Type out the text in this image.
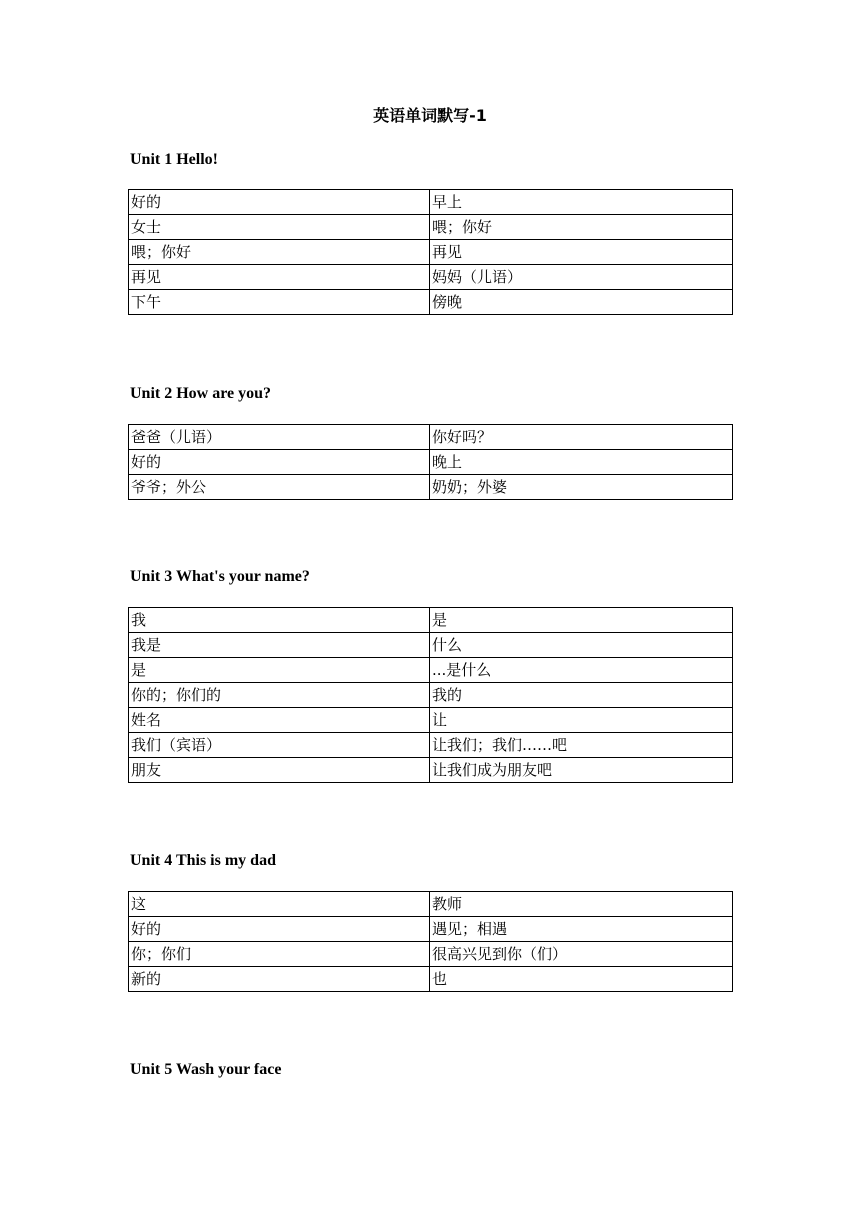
英语单词默写-1
Unit 1 Hello!
好的	早上
女士	喂；你好
喂；你好	再见
再见	妈妈（儿语）
下午	傍晚
Unit 2 How are you?
爸爸（儿语）	你好吗？
好的	晚上
爷爷；外公	奶奶；外婆
Unit 3 What's your name?
我	是
我是	什么
是	...是什么
你的；你们的	我的
姓名	让
我们（宾语）	让我们；我们……吧
朋友	让我们成为朋友吧
Unit 4 This is my dad
这	教师
好的	遇见；相遇
你；你们	很高兴见到你（们）
新的	也
Unit 5 Wash your face
